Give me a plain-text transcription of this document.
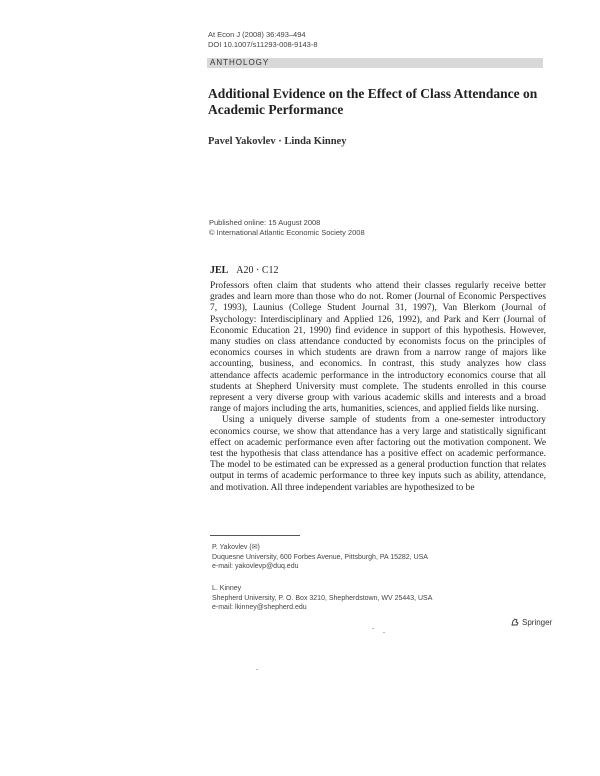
At Econ J (2008) 36:493–494
DOI 10.1007/s11293-008-9143-8
ANTHOLOGY
Additional Evidence on the Effect of Class Attendance on Academic Performance
Pavel Yakovlev · Linda Kinney
Published online: 15 August 2008
© International Atlantic Economic Society 2008
JEL A20 · C12

Professors often claim that students who attend their classes regularly receive better grades and learn more than those who do not. Romer (Journal of Economic Perspectives 7, 1993), Launius (College Student Journal 31, 1997), Van Blerkom (Journal of Psychology: Interdisciplinary and Applied 126, 1992), and Park and Kerr (Journal of Economic Education 21, 1990) find evidence in support of this hypothesis. However, many studies on class attendance conducted by economists focus on the principles of economics courses in which students are drawn from a narrow range of majors like accounting, business, and economics. In contrast, this study analyzes how class attendance affects academic performance in the introductory economics course that all students at Shepherd University must complete. The students enrolled in this course represent a very diverse group with various academic skills and interests and a broad range of majors including the arts, humanities, sciences, and applied fields like nursing.

Using a uniquely diverse sample of students from a one-semester introductory economics course, we show that attendance has a very large and statistically significant effect on academic performance even after factoring out the motivation component. We test the hypothesis that class attendance has a positive effect on academic performance. The model to be estimated can be expressed as a general production function that relates output in terms of academic performance to three key inputs such as ability, attendance, and motivation. All three independent variables are hypothesized to be

P. Yakovlev (✉)
Duquesne University, 600 Forbes Avenue, Pittsburgh, PA 15282, USA
e-mail: yakovlevp@duq.edu
L. Kinney
Shepherd University, P. O. Box 3210, Shepherdstown, WV 25443, USA
e-mail: lkinney@shepherd.edu
Springer
